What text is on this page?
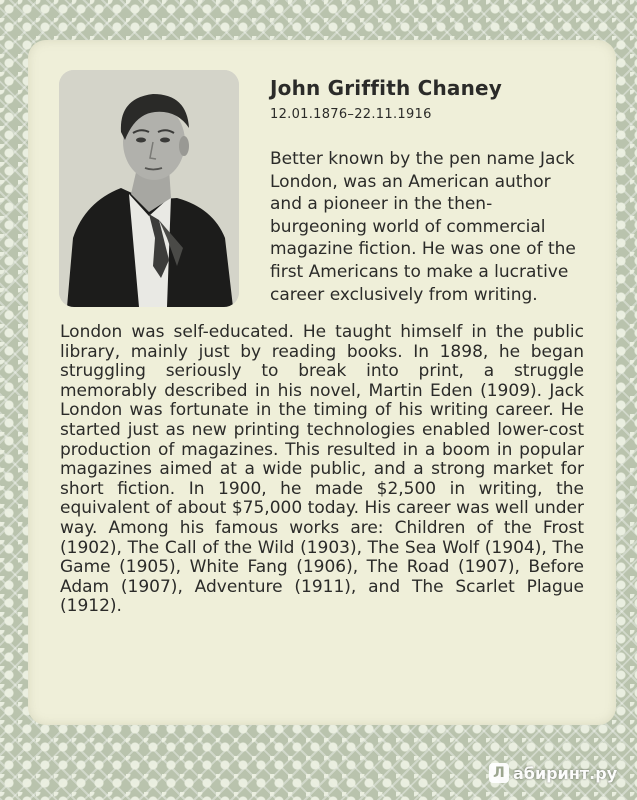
John Griffith Chaney
12.01.1876–22.11.1916

Better known by the pen name Jack London, was an American author and a pioneer in the then-burgeoning world of commercial magazine fiction. He was one of the first Americans to make a lucrative career exclusively from writing.

London was self-educated. He taught himself in the public library, mainly just by reading books. In 1898, he began struggling seriously to break into print, a struggle memorably described in his novel, Martin Eden (1909). Jack London was fortunate in the timing of his writing career. He started just as new printing technologies enabled lower-cost production of magazines. This resulted in a boom in popular magazines aimed at a wide public, and a strong market for short fiction. In 1900, he made $2,500 in writing, the equivalent of about $75,000 today. His career was well under way. Among his famous works are: Children of the Frost (1902), The Call of the Wild (1903), The Sea Wolf (1904), The Game (1905), White Fang (1906), The Road (1907), Before Adam (1907), Adventure (1911), and The Scarlet Plague (1912).

Л абиринт.ру
